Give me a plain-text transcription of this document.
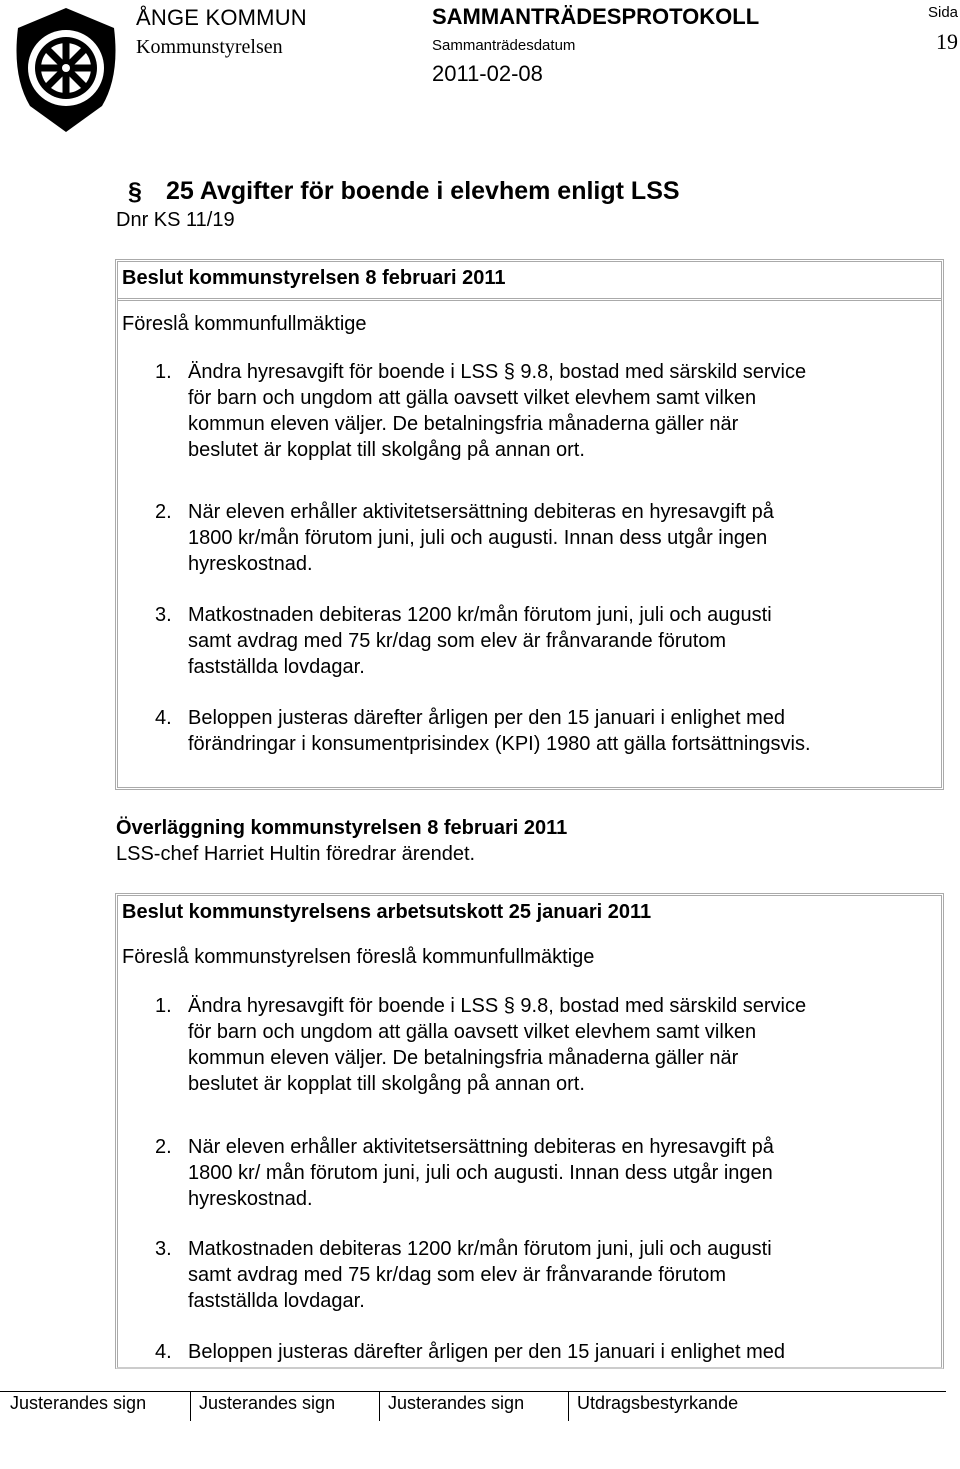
ÅNGE KOMMUN
Kommunstyrelsen
SAMMANTRÄDESPROTOKOLL
Sammanträdesdatum
2011-02-08
Sida
19
§ 25 Avgifter för boende i elevhem enligt LSS
Dnr KS 11/19
Beslut kommunstyrelsen 8 februari 2011
Föreslå kommunfullmäktige
1. Ändra hyresavgift för boende i LSS § 9.8, bostad med särskild service
för barn och ungdom att gälla oavsett vilket elevhem samt vilken
kommun eleven väljer. De betalningsfria månaderna gäller när
beslutet är kopplat till skolgång på annan ort.
2. När eleven erhåller aktivitetsersättning debiteras en hyresavgift på
1800 kr/mån förutom juni, juli och augusti. Innan dess utgår ingen
hyreskostnad.
3. Matkostnaden debiteras 1200 kr/mån förutom juni, juli och augusti
samt avdrag med 75 kr/dag som elev är frånvarande förutom
fastställda lovdagar.
4. Beloppen justeras därefter årligen per den 15 januari i enlighet med
förändringar i konsumentprisindex (KPI) 1980 att gälla fortsättningsvis.
Överläggning kommunstyrelsen 8 februari 2011
LSS-chef Harriet Hultin föredrar ärendet.
Beslut kommunstyrelsens arbetsutskott 25 januari 2011
Föreslå kommunstyrelsen föreslå kommunfullmäktige
1. Ändra hyresavgift för boende i LSS § 9.8, bostad med särskild service
för barn och ungdom att gälla oavsett vilket elevhem samt vilken
kommun eleven väljer. De betalningsfria månaderna gäller när
beslutet är kopplat till skolgång på annan ort.
2. När eleven erhåller aktivitetsersättning debiteras en hyresavgift på
1800 kr/ mån förutom juni, juli och augusti. Innan dess utgår ingen
hyreskostnad.
3. Matkostnaden debiteras 1200 kr/mån förutom juni, juli och augusti
samt avdrag med 75 kr/dag som elev är frånvarande förutom
fastställda lovdagar.
4. Beloppen justeras därefter årligen per den 15 januari i enlighet med
Justerandes sign	Justerandes sign	Justerandes sign	Utdragsbestyrkande
